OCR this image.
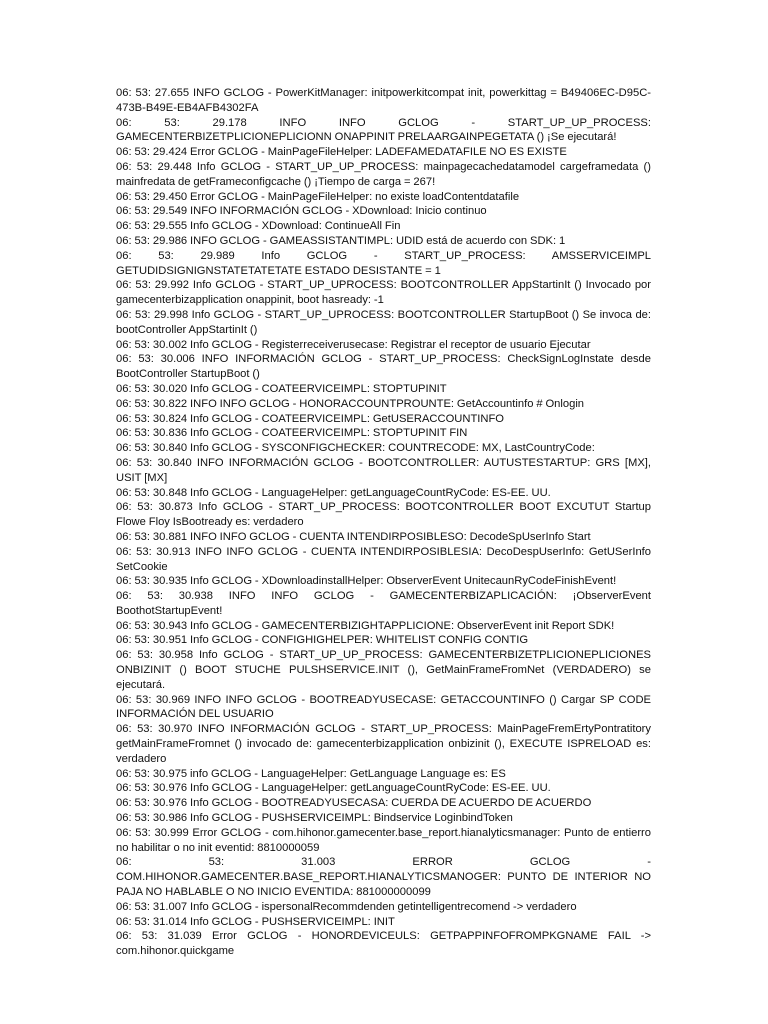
06: 53: 27.655 INFO GCLOG - PowerKitManager: initpowerkitcompat init, powerkittag = B49406EC-D95C-473B-B49E-EB4AFB4302FA

06: 53: 29.178 INFO INFO GCLOG - START_UP_UP_PROCESS: GAMECENTERBIZETPLICIONEPLICIONN ONAPPINIT PRELAARGAINPEGETATA () ¡Se ejecutará!

06: 53: 29.424 Error GCLOG - MainPageFileHelper: LADEFAMEDATAFILE NO ES EXISTE

06: 53: 29.448 Info GCLOG - START_UP_UP_PROCESS: mainpagecachedatamodel cargeframedata () mainfredata de getFrameconfigcache () ¡Tiempo de carga = 267!

06: 53: 29.450 Error GCLOG - MainPageFileHelper: no existe loadContentdatafile

06: 53: 29.549 INFO INFORMACIÓN GCLOG - XDownload: Inicio continuo

06: 53: 29.555 Info GCLOG - XDownload: ContinueAll Fin

06: 53: 29.986 INFO GCLOG - GAMEASSISTANTIMPL: UDID está de acuerdo con SDK: 1

06: 53: 29.989 Info GCLOG - START_UP_PROCESS: AMSSERVICEIMPL GETUDIDSIGNIGNSTATETATETATE ESTADO DESISTANTE = 1

06: 53: 29.992 Info GCLOG - START_UP_UPROCESS: BOOTCONTROLLER AppStartinIt () Invocado por gamecenterbizapplication onappinit, boot hasready: -1

06: 53: 29.998 Info GCLOG - START_UP_UPROCESS: BOOTCONTROLLER StartupBoot () Se invoca de: bootController AppStartinIt ()

06: 53: 30.002 Info GCLOG - Registerreceiverusecase: Registrar el receptor de usuario Ejecutar

06: 53: 30.006 INFO INFORMACIÓN GCLOG - START_UP_PROCESS: CheckSignLogInstate desde BootController StartupBoot ()

06: 53: 30.020 Info GCLOG - COATEERVICEIMPL: STOPTUPINIT

06: 53: 30.822 INFO INFO GCLOG - HONORACCOUNTPROUNTE: GetAccountinfo # Onlogin

06: 53: 30.824 Info GCLOG - COATEERVICEIMPL: GetUSERACCOUNTINFO

06: 53: 30.836 Info GCLOG - COATEERVICEIMPL: STOPTUPINIT FIN

06: 53: 30.840 Info GCLOG - SYSCONFIGCHECKER: COUNTRECODE: MX, LastCountryCode:

06: 53: 30.840 INFO INFORMACIÓN GCLOG - BOOTCONTROLLER: AUTUSTESTARTUP: GRS [MX], USIT [MX]

06: 53: 30.848 Info GCLOG - LanguageHelper: getLanguageCountRyCode: ES-EE. UU.

06: 53: 30.873 Info GCLOG - START_UP_PROCESS: BOOTCONTROLLER BOOT EXCUTUT Startup Flowe Floy IsBootready es: verdadero

06: 53: 30.881 INFO INFO GCLOG - CUENTA INTENDIRPOSIBLESO: DecodeSpUserInfo Start

06: 53: 30.913 INFO INFO GCLOG - CUENTA INTENDIRPOSIBLESIA: DecoDespUserInfo: GetUSerInfo SetCookie

06: 53: 30.935 Info GCLOG - XDownloadinstallHelper: ObserverEvent UnitecaunRyCodeFinishEvent!

06: 53: 30.938 INFO INFO GCLOG - GAMECENTERBIZAPLICACIÓN: ¡ObserverEvent BoothotStartupEvent!

06: 53: 30.943 Info GCLOG - GAMECENTERBIZIGHTAPPLICIONE: ObserverEvent init Report SDK!

06: 53: 30.951 Info GCLOG - CONFIGHIGHELPER: WHITELIST CONFIG CONTIG

06: 53: 30.958 Info GCLOG - START_UP_UP_PROCESS: GAMECENTERBIZETPLICIONEPLICIONES ONBIZINIT () BOOT STUCHE PULSHSERVICE.INIT (), GetMainFrameFromNet (VERDADERO) se ejecutará.

06: 53: 30.969 INFO INFO GCLOG - BOOTREADYUSECASE: GETACCOUNTINFO () Cargar SP CODE INFORMACIÓN DEL USUARIO

06: 53: 30.970 INFO INFORMACIÓN GCLOG - START_UP_PROCESS: MainPageFremErtyPontratitory getMainFrameFromnet () invocado de: gamecenterbizapplication onbizinit (), EXECUTE ISPRELOAD es: verdadero

06: 53: 30.975 info GCLOG - LanguageHelper: GetLanguage Language es: ES

06: 53: 30.976 Info GCLOG - LanguageHelper: getLanguageCountRyCode: ES-EE. UU.

06: 53: 30.976 Info GCLOG - BOOTREADYUSECASA: CUERDA DE ACUERDO DE ACUERDO

06: 53: 30.986 Info GCLOG - PUSHSERVICEIMPL: Bindservice LoginbindToken

06: 53: 30.999 Error GCLOG - com.hihonor.gamecenter.base_report.hianalyticsmanager: Punto de entierro no habilitar o no init eventid: 8810000059

06: 53: 31.003 ERROR GCLOG - COM.HIHONOR.GAMECENTER.BASE_REPORT.HIANALYTICSMANOGER: PUNTO DE INTERIOR NO PAJA NO HABLABLE O NO INICIO EVENTIDA: 881000000099

06: 53: 31.007 Info GCLOG - ispersonalRecommdenden getintelligentrecomend -> verdadero

06: 53: 31.014 Info GCLOG - PUSHSERVICEIMPL: INIT

06: 53: 31.039 Error GCLOG - HONORDEVICEULS: GETPAPPINFOFROMPKGNAME FAIL -> com.hihonor.quickgame
